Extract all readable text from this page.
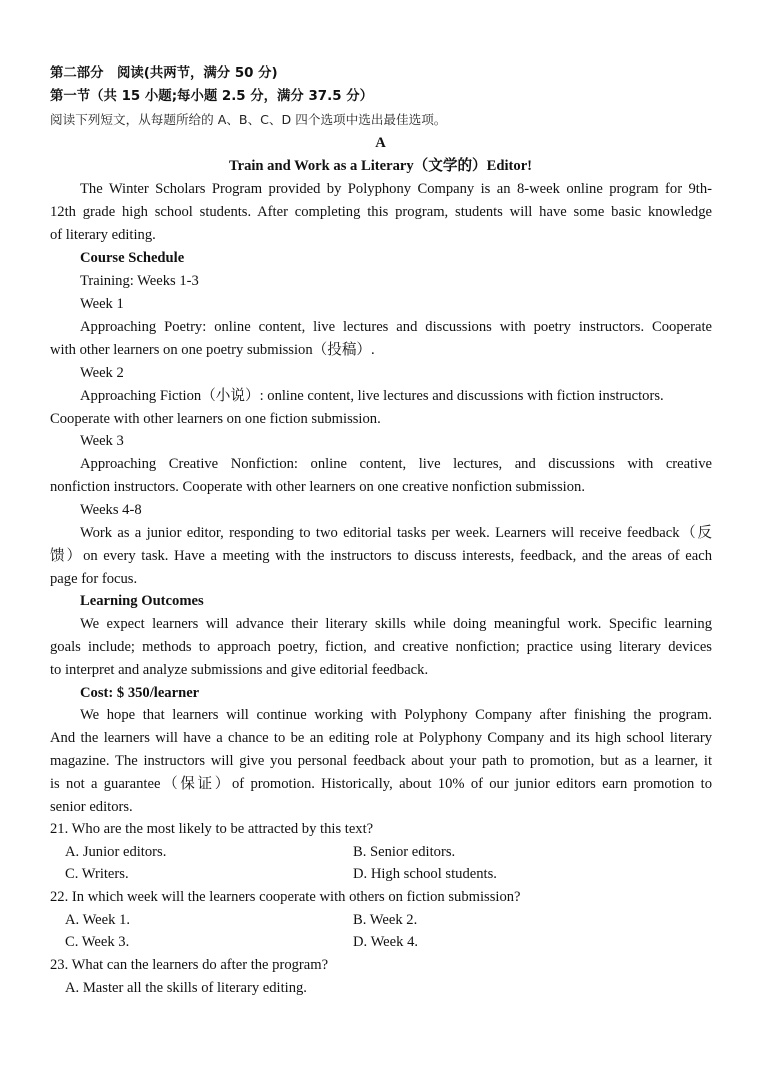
第二部分　阅读(共两节，满分 50 分)
第一节（共 15 小题;每小题 2.5 分，满分 37.5 分）
阅读下列短文，从每题所给的 A、B、C、D 四个选项中选出最佳选项。
A
Train and Work as a Literary（文学的）Editor!
The Winter Scholars Program provided by Polyphony Company is an 8-week online program for 9th-
12th grade high school students. After completing this program, students will have some basic knowledge
of literary editing.
Course Schedule
Training: Weeks 1-3
Week 1
Approaching Poetry: online content, live lectures and discussions with poetry instructors. Cooperate
with other learners on one poetry submission（投稿）.
Week 2
Approaching Fiction（小说）: online content, live lectures and discussions with fiction instructors.
Cooperate with other learners on one fiction submission.
Week 3
Approaching Creative Nonfiction: online content, live lectures, and discussions with creative
nonfiction instructors. Cooperate with other learners on one creative nonfiction submission.
Weeks 4-8
Work as a junior editor, responding to two editorial tasks per week. Learners will receive feedback（反
馈）on every task. Have a meeting with the instructors to discuss interests, feedback, and the areas of each
page for focus.
Learning Outcomes
We expect learners will advance their literary skills while doing meaningful work. Specific learning
goals include; methods to approach poetry, fiction, and creative nonfiction; practice using literary devices
to interpret and analyze submissions and give editorial feedback.
Cost: $ 350/learner
We hope that learners will continue working with Polyphony Company after finishing the program.
And the learners will have a chance to be an editing role at Polyphony Company and its high school literary
magazine. The instructors will give you personal feedback about your path to promotion, but as a learner, it
is not a guarantee（保证）of promotion. Historically, about 10% of our junior editors earn promotion to
senior editors.
21. Who are the most likely to be attracted by this text?
A. Junior editors.	B. Senior editors.
C. Writers.	D. High school students.
22. In which week will the learners cooperate with others on fiction submission?
A. Week 1.	B. Week 2.
C. Week 3.	D. Week 4.
23. What can the learners do after the program?
A. Master all the skills of literary editing.
